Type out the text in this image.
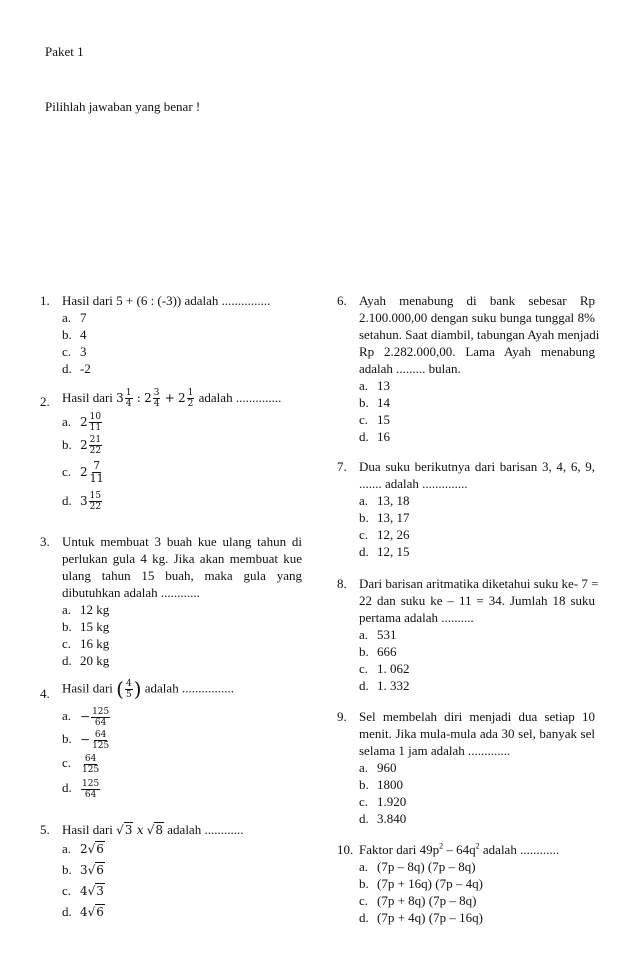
Paket 1
Pilihlah jawaban yang benar !
1. Hasil dari 5 + (6 : (-3)) adalah ...............
a. 7
b. 4
c. 3
d. -2
2. Hasil dari $3 \frac{1}{4}$ : $2 \frac{3}{4} + 2 \frac{1}{2}$ adalah ..............
a. $2 \frac{10}{11}$
b. $2 \frac{21}{22}$
c. $2 \frac{7}{11}$
d. $3 \frac{15}{22}$
3. Untuk membuat 3 buah kue ulang tahun di
perlukan gula 4 kg. Jika akan membuat kue
ulang tahun 15 buah, maka gula yang
dibutuhkan adalah ............
a. 12 kg
b. 15 kg
c. 16 kg
d. 20 kg
4. Hasil dari ( $\frac{4}{5}$ ) adalah ................
a. − $\frac{125}{64}$
b. − $\frac{64}{125}$
c. $\frac{64}{125}$
d. $\frac{125}{64}$
5. Hasil dari √3 x √8 adalah ............
a. 2√6
b. 3√6
c. 4√3
d. 4√6
6. Ayah menabung di bank sebesar Rp
2.100.000,00 dengan suku bunga tunggal 8%
setahun. Saat diambil, tabungan Ayah menjadi
Rp 2.282.000,00. Lama Ayah menabung
adalah ......... bulan.
a. 13
b. 14
c. 15
d. 16
7. Dua suku berikutnya dari barisan 3, 4, 6, 9,
....... adalah ..............
a. 13, 18
b. 13, 17
c. 12, 26
d. 12, 15
8. Dari barisan aritmatika diketahui suku ke- 7 =
22 dan suku ke – 11 = 34. Jumlah 18 suku
pertama adalah ..........
a. 531
b. 666
c. 1. 062
d. 1. 332
9. Sel membelah diri menjadi dua setiap 10
menit. Jika mula-mula ada 30 sel, banyak sel
selama 1 jam adalah .............
a. 960
b. 1800
c. 1.920
d. 3.840
10. Faktor dari $49p^2 - 64q^2$ adalah ............
a. (7p – 8q) (7p – 8q)
b. (7p + 16q) (7p – 4q)
c. (7p + 8q) (7p – 8q)
d. (7p + 4q) (7p – 16q)
